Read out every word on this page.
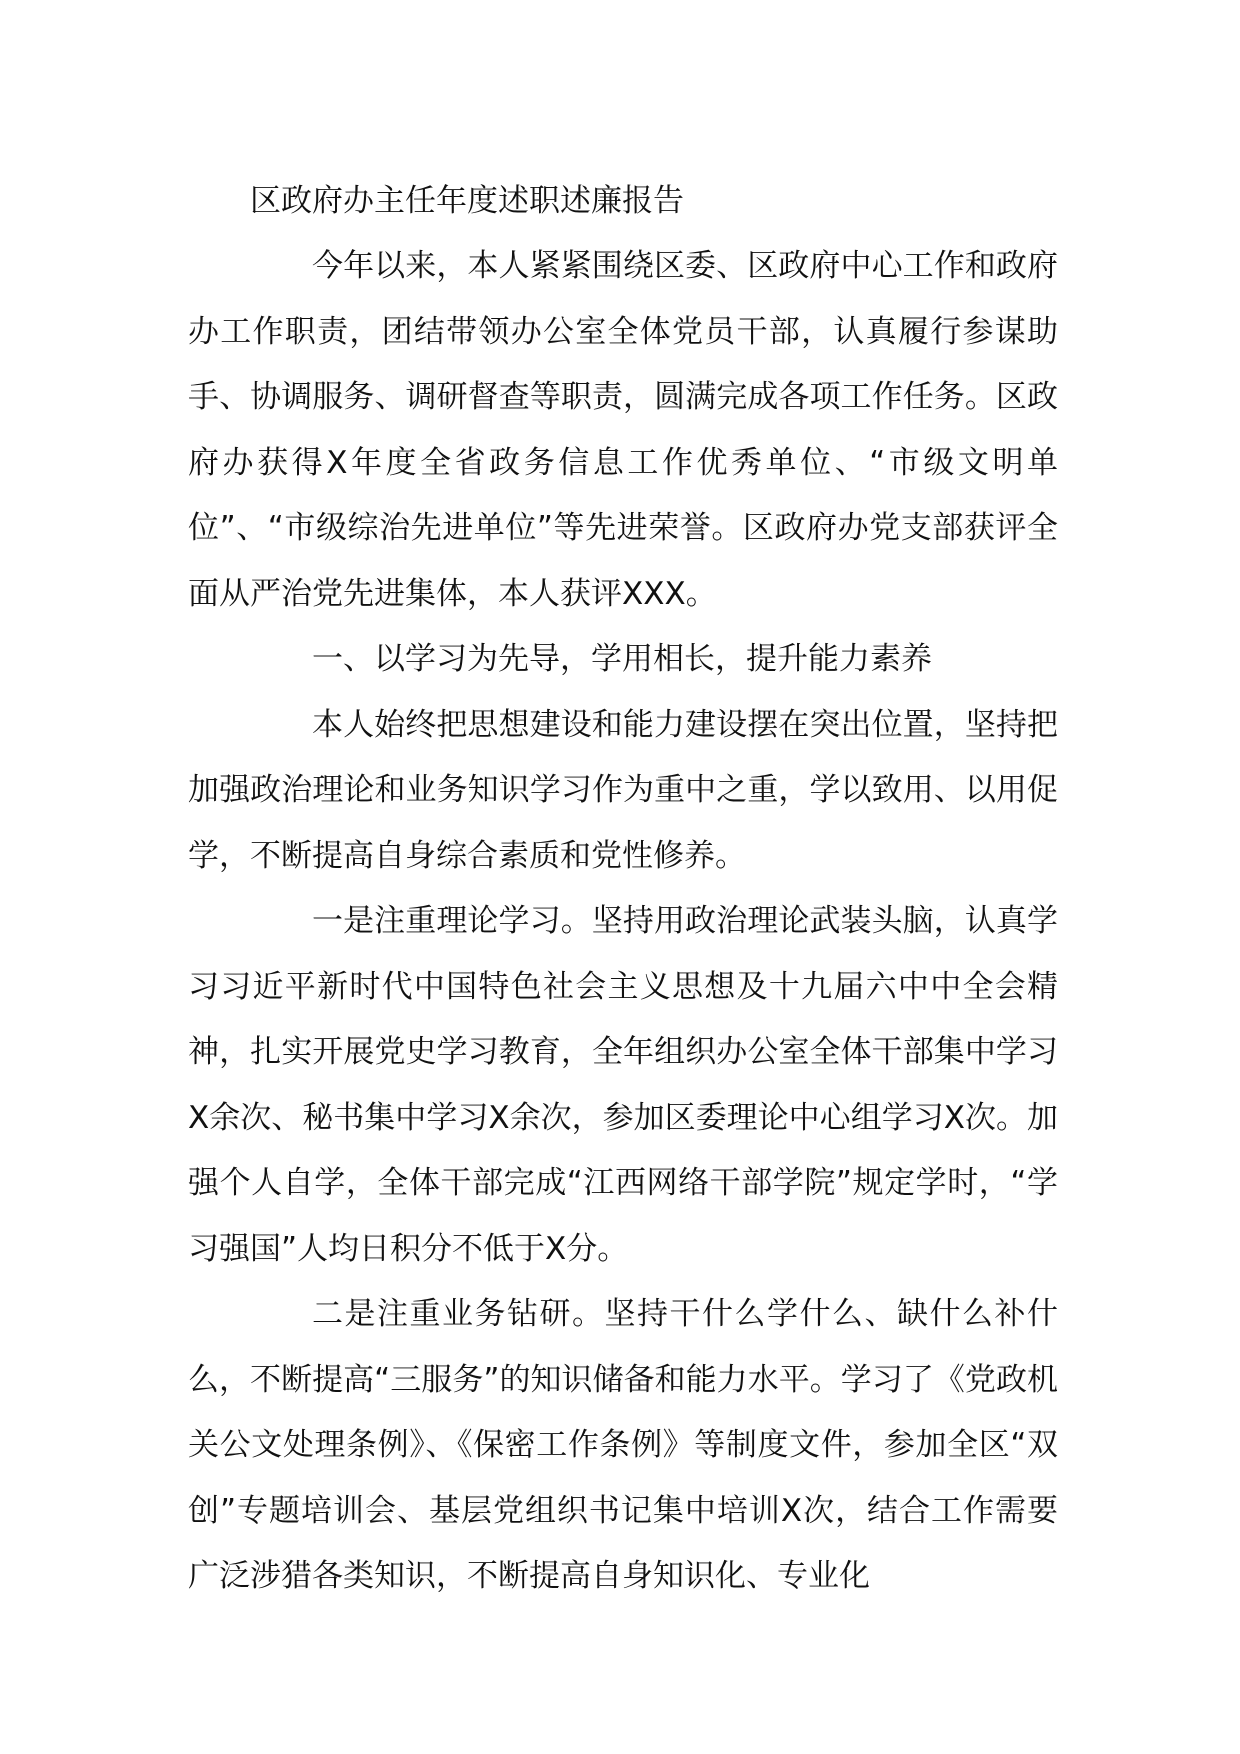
区政府办主任年度述职述廉报告

今年以来，本人紧紧围绕区委、区政府中心工作和政府办工作职责，团结带领办公室全体党员干部，认真履行参谋助手、协调服务、调研督查等职责，圆满完成各项工作任务。区政府办获得X年度全省政务信息工作优秀单位、“市级文明单位”、“市级综治先进单位”等先进荣誉。区政府办党支部获评全面从严治党先进集体，本人获评XXX。

一、以学习为先导，学用相长，提升能力素养

本人始终把思想建设和能力建设摆在突出位置，坚持把加强政治理论和业务知识学习作为重中之重，学以致用、以用促学，不断提高自身综合素质和党性修养。

一是注重理论学习。坚持用政治理论武装头脑，认真学习习近平新时代中国特色社会主义思想及十九届六中中全会精神，扎实开展党史学习教育，全年组织办公室全体干部集中学习X余次、秘书集中学习X余次，参加区委理论中心组学习X次。加强个人自学，全体干部完成“江西网络干部学院”规定学时，“学习强国”人均日积分不低于X分。

二是注重业务钻研。坚持干什么学什么、缺什么补什么，不断提高“三服务”的知识储备和能力水平。学习了《党政机关公文处理条例》、《保密工作条例》等制度文件，参加全区“双创”专题培训会、基层党组织书记集中培训X次，结合工作需要广泛涉猎各类知识，不断提高自身知识化、专业化
